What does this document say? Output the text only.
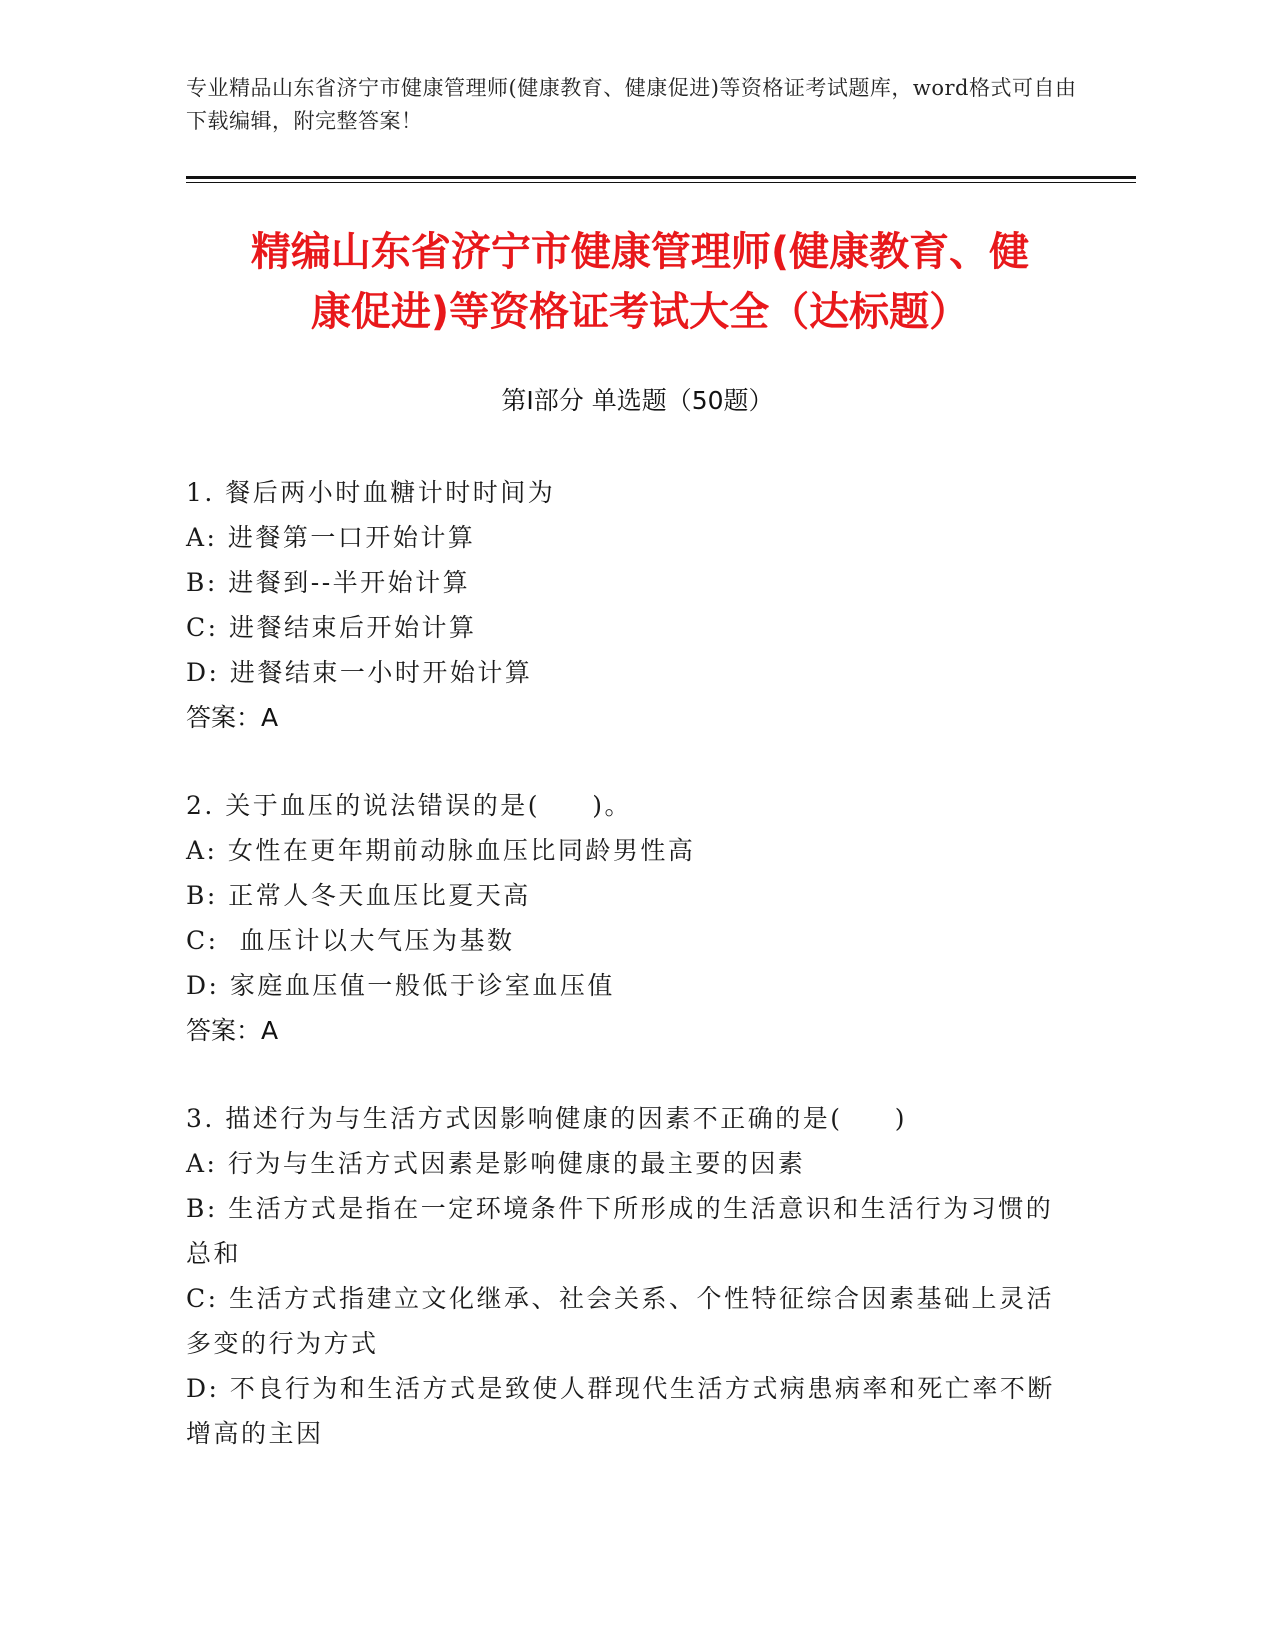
专业精品山东省济宁市健康管理师(健康教育、健康促进)等资格证考试题库，word格式可自由下载编辑，附完整答案！
精编山东省济宁市健康管理师(健康教育、健
康促进)等资格证考试大全（达标题）
第Ⅰ部分 单选题（50题）
1. 餐后两小时血糖计时时间为
A: 进餐第一口开始计算
B: 进餐到--半开始计算
C: 进餐结束后开始计算
D: 进餐结束一小时开始计算
答案：A
2. 关于血压的说法错误的是(     )。
A: 女性在更年期前动脉血压比同龄男性高
B: 正常人冬天血压比夏天高
C:  血压计以大气压为基数
D: 家庭血压值一般低于诊室血压值
答案：A
3. 描述行为与生活方式因影响健康的因素不正确的是(     )
A: 行为与生活方式因素是影响健康的最主要的因素
B: 生活方式是指在一定环境条件下所形成的生活意识和生活行为习惯的总和
C: 生活方式指建立文化继承、社会关系、个性特征综合因素基础上灵活多变的行为方式
D: 不良行为和生活方式是致使人群现代生活方式病患病率和死亡率不断增高的主因
